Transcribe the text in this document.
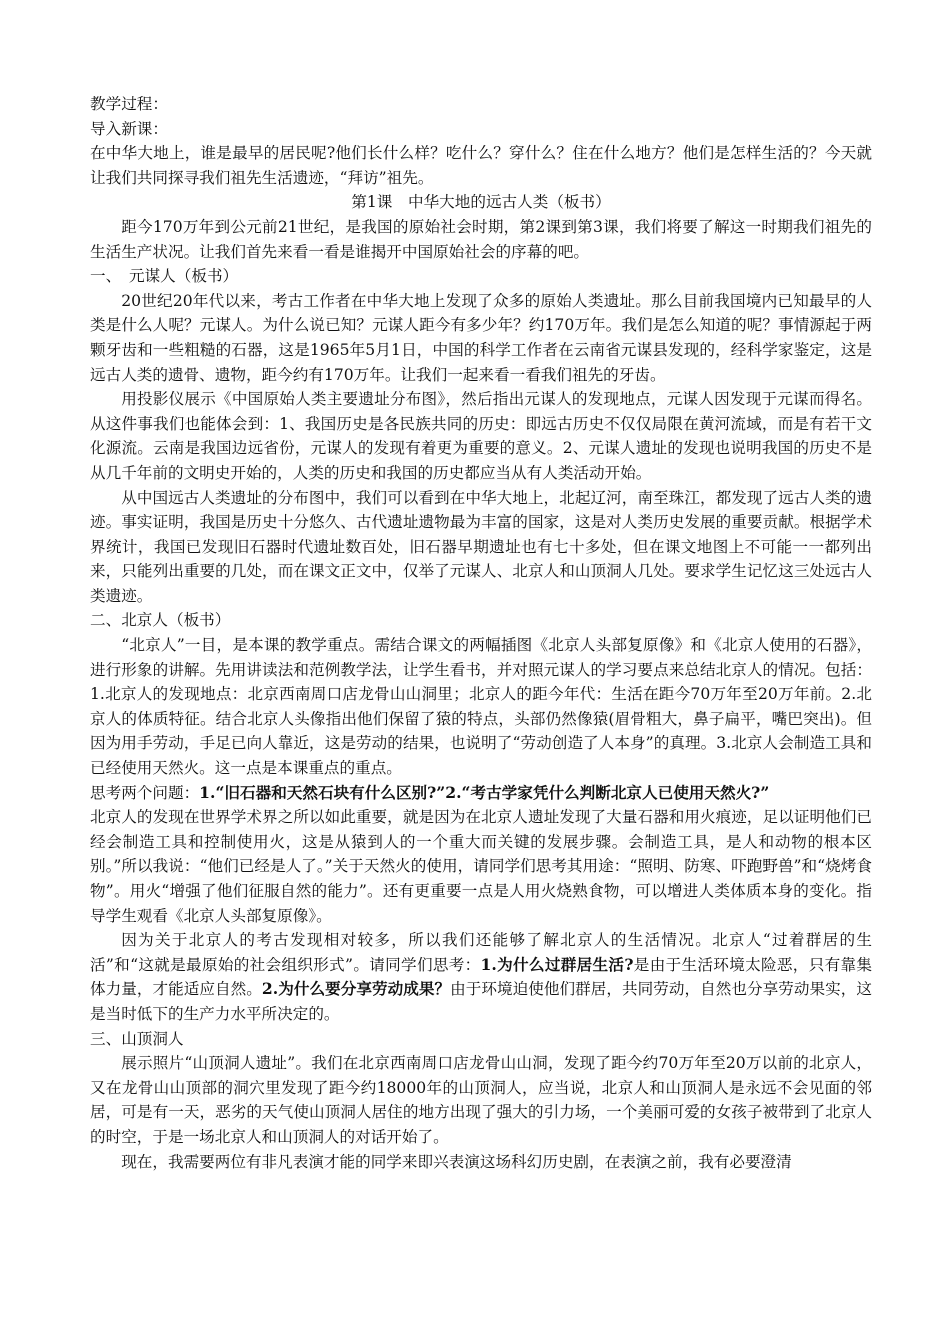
教学过程：

导入新课：

在中华大地上，谁是最早的居民呢?他们长什么样？吃什么？穿什么？住在什么地方？他们是怎样生活的？今天就让我们共同探寻我们祖先生活遗迹，“拜访”祖先。

第1课　中华大地的远古人类（板书）

距今170万年到公元前21世纪，是我国的原始社会时期，第2课到第3课，我们将要了解这一时期我们祖先的生活生产状况。让我们首先来看一看是谁揭开中国原始社会的序幕的吧。

一、　元谋人（板书）

20世纪20年代以来，考古工作者在中华大地上发现了众多的原始人类遗址。那么目前我国境内已知最早的人类是什么人呢？元谋人。为什么说已知？元谋人距今有多少年？约170万年。我们是怎么知道的呢？事情源起于两颗牙齿和一些粗糙的石器，这是1965年5月1日，中国的科学工作者在云南省元谋县发现的，经科学家鉴定，这是远古人类的遗骨、遗物，距今约有170万年。让我们一起来看一看我们祖先的牙齿。

用投影仪展示《中国原始人类主要遗址分布图》，然后指出元谋人的发现地点，元谋人因发现于元谋而得名。从这件事我们也能体会到：1、我国历史是各民族共同的历史：即远古历史不仅仅局限在黄河流域，而是有若干文化源流。云南是我国边远省份，元谋人的发现有着更为重要的意义。2、元谋人遗址的发现也说明我国的历史不是从几千年前的文明史开始的，人类的历史和我国的历史都应当从有人类活动开始。

从中国远古人类遗址的分布图中，我们可以看到在中华大地上，北起辽河，南至珠江，都发现了远古人类的遗迹。事实证明，我国是历史十分悠久、古代遗址遗物最为丰富的国家，这是对人类历史发展的重要贡献。根据学术界统计，我国已发现旧石器时代遗址数百处，旧石器早期遗址也有七十多处，但在课文地图上不可能一一都列出来，只能列出重要的几处，而在课文正文中，仅举了元谋人、北京人和山顶洞人几处。要求学生记忆这三处远古人类遗迹。

二、北京人（板书）

“北京人”一目，是本课的教学重点。需结合课文的两幅插图《北京人头部复原像》和《北京人使用的石器》，进行形象的讲解。先用讲读法和范例教学法，让学生看书，并对照元谋人的学习要点来总结北京人的情况。包括：1.北京人的发现地点：北京西南周口店龙骨山山洞里；北京人的距今年代：生活在距今70万年至20万年前。2.北京人的体质特征。结合北京人头像指出他们保留了猿的特点，头部仍然像猿(眉骨粗大，鼻子扁平，嘴巴突出)。但因为用手劳动，手足已向人靠近，这是劳动的结果，也说明了“劳动创造了人本身”的真理。3.北京人会制造工具和已经使用天然火。这一点是本课重点的重点。

思考两个问题：1.“旧石器和天然石块有什么区别?”2.“考古学家凭什么判断北京人已使用天然火?”

北京人的发现在世界学术界之所以如此重要，就是因为在北京人遗址发现了大量石器和用火痕迹，足以证明他们已经会制造工具和控制使用火，这是从猿到人的一个重大而关键的发展步骤。会制造工具，是人和动物的根本区别。”所以我说：“他们已经是人了。”关于天然火的使用，请同学们思考其用途：“照明、防寒、吓跑野兽”和“烧烤食物”。用火“增强了他们征服自然的能力”。还有更重要一点是人用火烧熟食物，可以增进人类体质本身的变化。指导学生观看《北京人头部复原像》。

因为关于北京人的考古发现相对较多，所以我们还能够了解北京人的生活情况。北京人“过着群居的生活”和“这就是最原始的社会组织形式”。请同学们思考：1.为什么过群居生活?是由于生活环境太险恶，只有靠集体力量，才能适应自然。2.为什么要分享劳动成果？由于环境迫使他们群居，共同劳动，自然也分享劳动果实，这是当时低下的生产力水平所决定的。

三、山顶洞人

展示照片“山顶洞人遗址”。我们在北京西南周口店龙骨山山洞，发现了距今约70万年至20万以前的北京人，又在龙骨山山顶部的洞穴里发现了距今约18000年的山顶洞人，应当说，北京人和山顶洞人是永远不会见面的邻居，可是有一天，恶劣的天气使山顶洞人居住的地方出现了强大的引力场，一个美丽可爱的女孩子被带到了北京人的时空，于是一场北京人和山顶洞人的对话开始了。

现在，我需要两位有非凡表演才能的同学来即兴表演这场科幻历史剧，在表演之前，我有必要澄清
